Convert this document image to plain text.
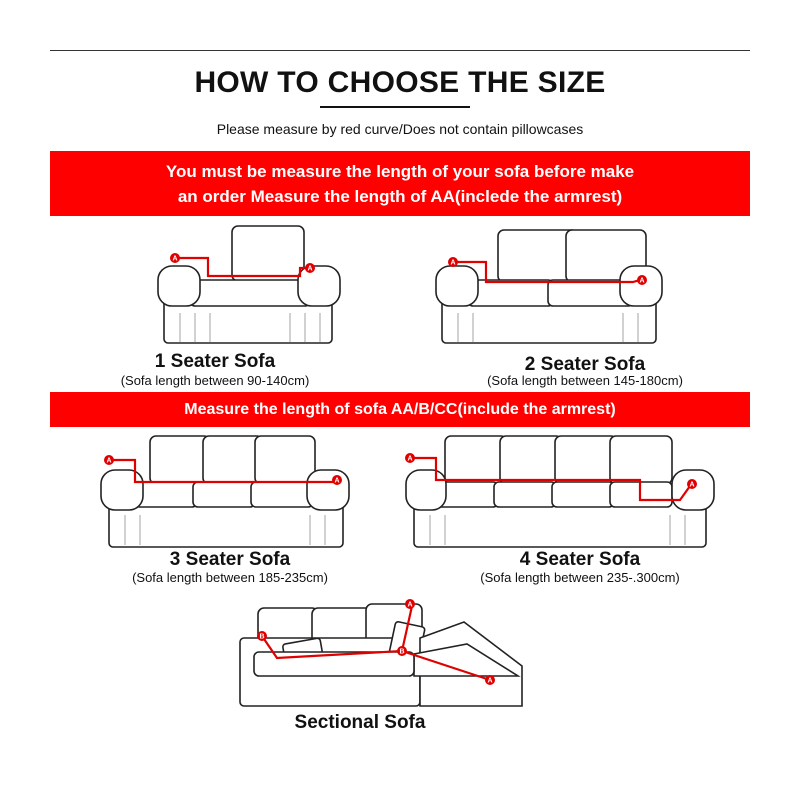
HOW TO CHOOSE THE SIZE
Please measure by red curve/Does not contain pillowcases
You must be measure the length of your sofa before make
an order Measure the length of AA(inclede the armrest)
A
A
A
A
1 Seater Sofa
(Sofa length between 90-140cm)
2 Seater Sofa
(Sofa length between 145-180cm)
Measure the length of sofa AA/B/CC(include the armrest)
A
A
A
A
3 Seater Sofa
(Sofa length between 185-235cm)
4 Seater Sofa
(Sofa length between 235-.300cm)
B
B
A
A
Sectional Sofa
